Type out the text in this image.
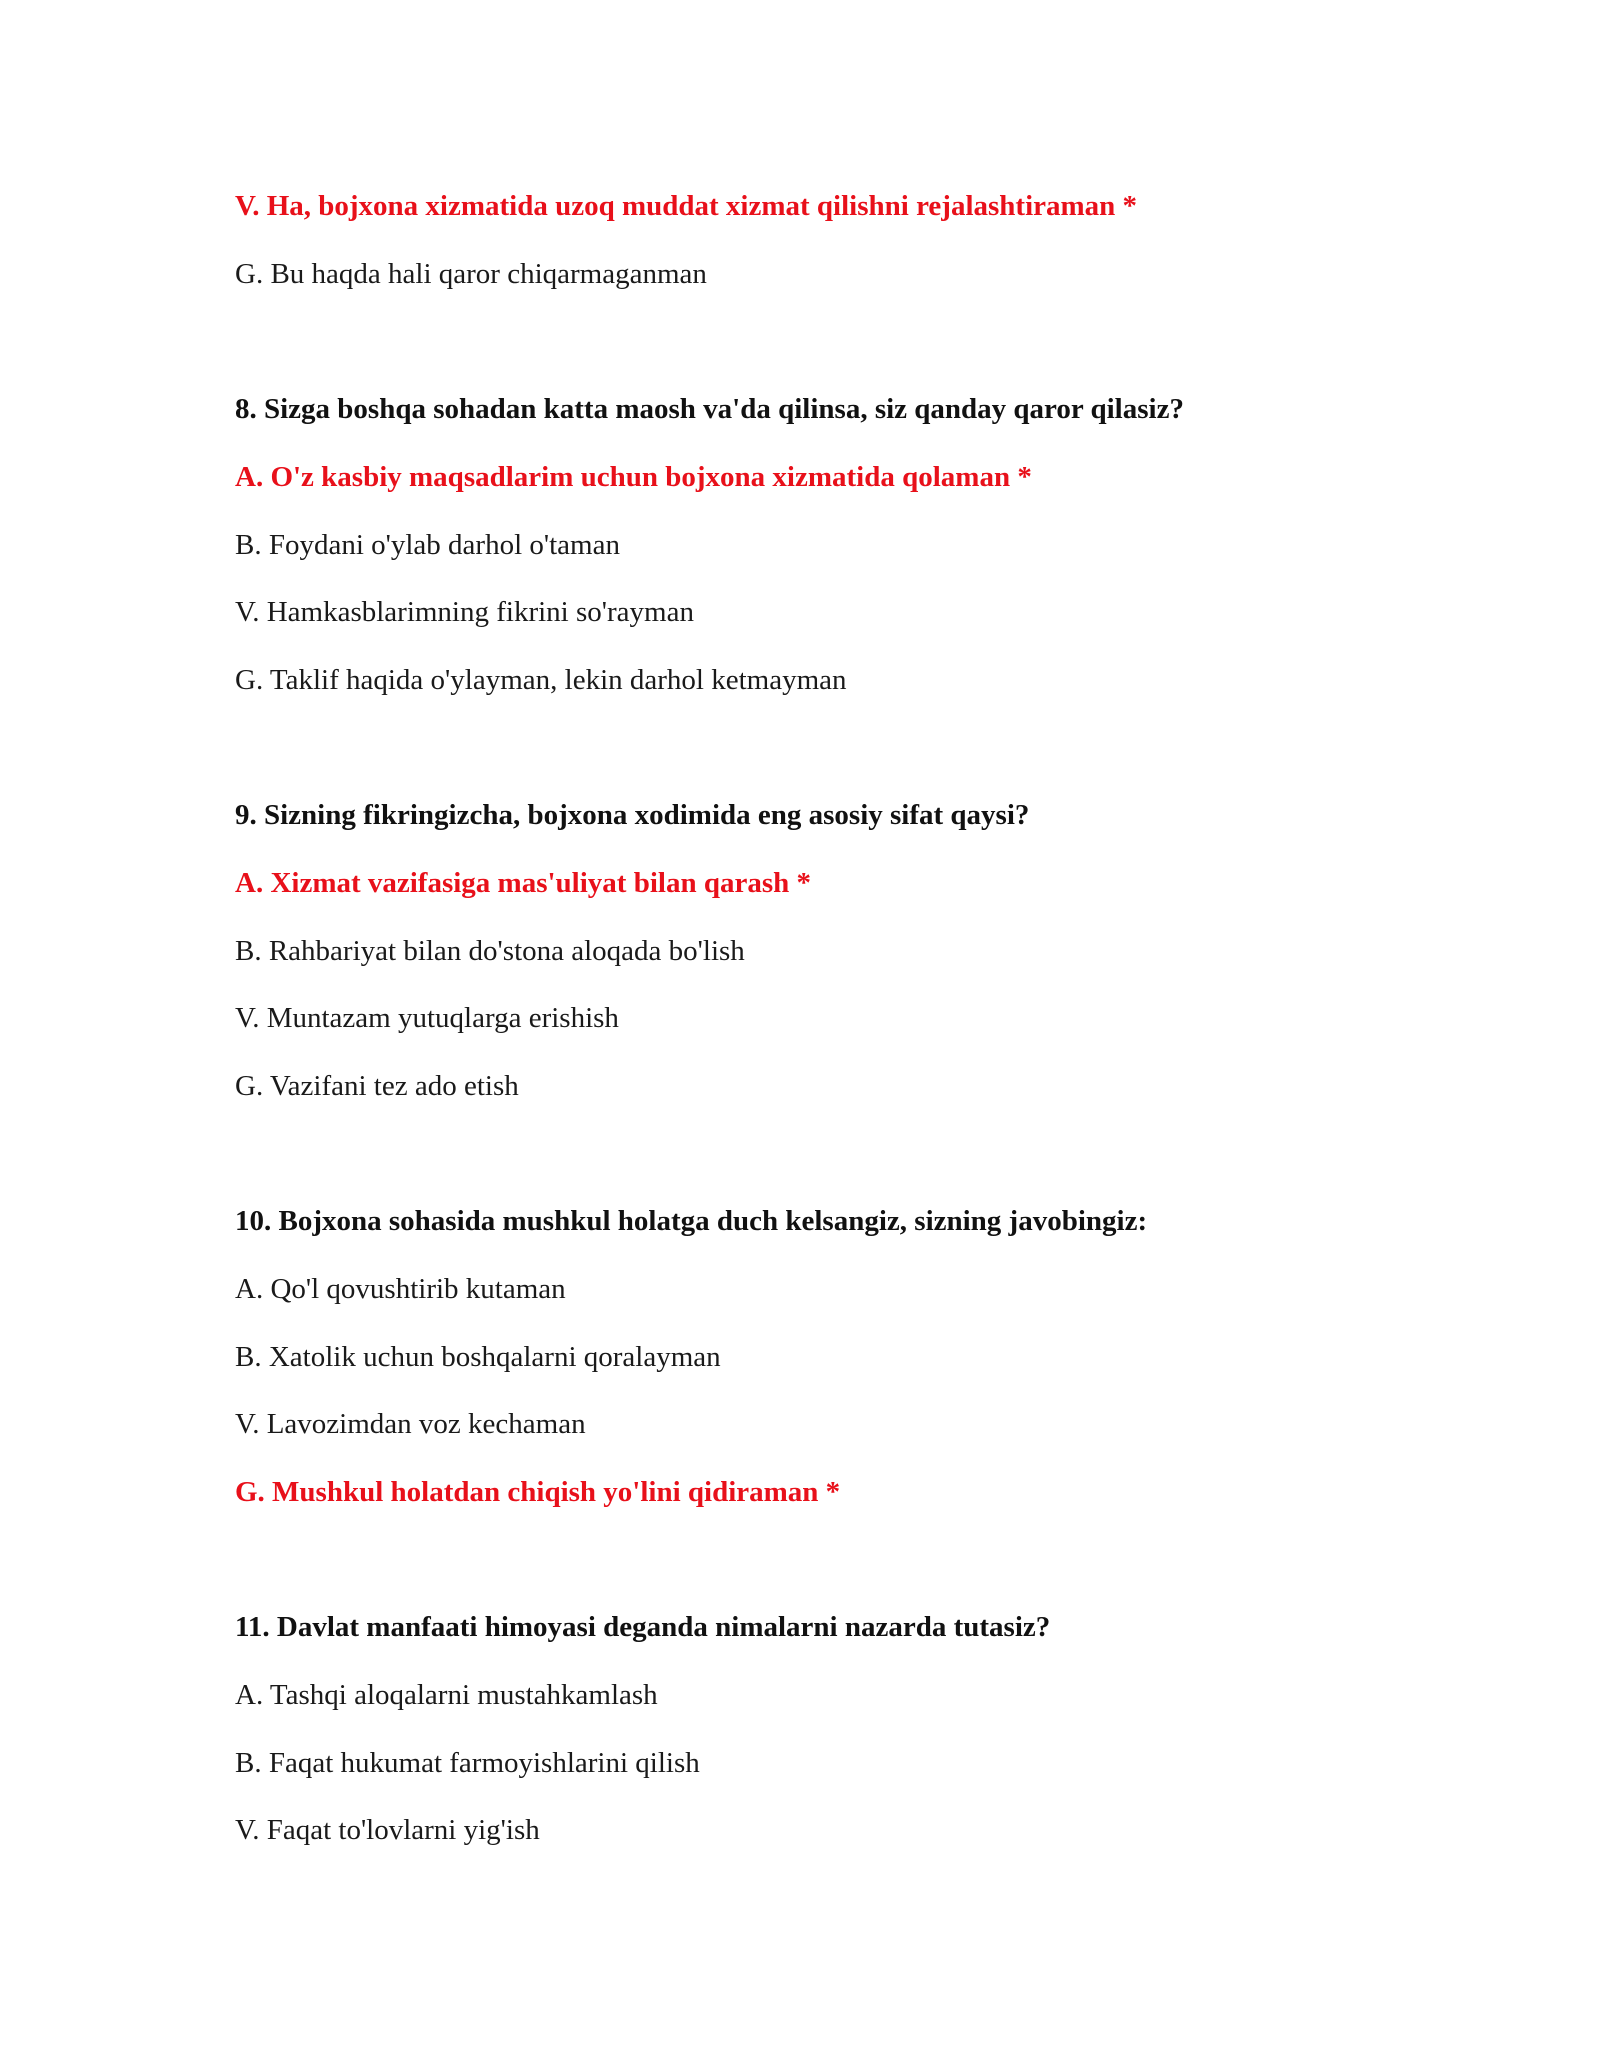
V. Ha, bojxona xizmatida uzoq muddat xizmat qilishni rejalashtiraman *
G. Bu haqda hali qaror chiqarmaganman
8. Sizga boshqa sohadan katta maosh va'da qilinsa, siz qanday qaror qilasiz?
A. O'z kasbiy maqsadlarim uchun bojxona xizmatida qolaman *
B. Foydani o'ylab darhol o'taman
V. Hamkasblarimning fikrini so'rayman
G. Taklif haqida o'ylayman, lekin darhol ketmayman
9. Sizning fikringizcha, bojxona xodimida eng asosiy sifat qaysi?
A. Xizmat vazifasiga mas'uliyat bilan qarash *
B. Rahbariyat bilan do'stona aloqada bo'lish
V. Muntazam yutuqlarga erishish
G. Vazifani tez ado etish
10. Bojxona sohasida mushkul holatga duch kelsangiz, sizning javobingiz:
A. Qo'l qovushtirib kutaman
B. Xatolik uchun boshqalarni qoralayman
V. Lavozimdan voz kechaman
G. Mushkul holatdan chiqish yo'lini qidiraman *
11. Davlat manfaati himoyasi deganda nimalarni nazarda tutasiz?
A. Tashqi aloqalarni mustahkamlash
B. Faqat hukumat farmoyishlarini qilish
V. Faqat to'lovlarni yig'ish
